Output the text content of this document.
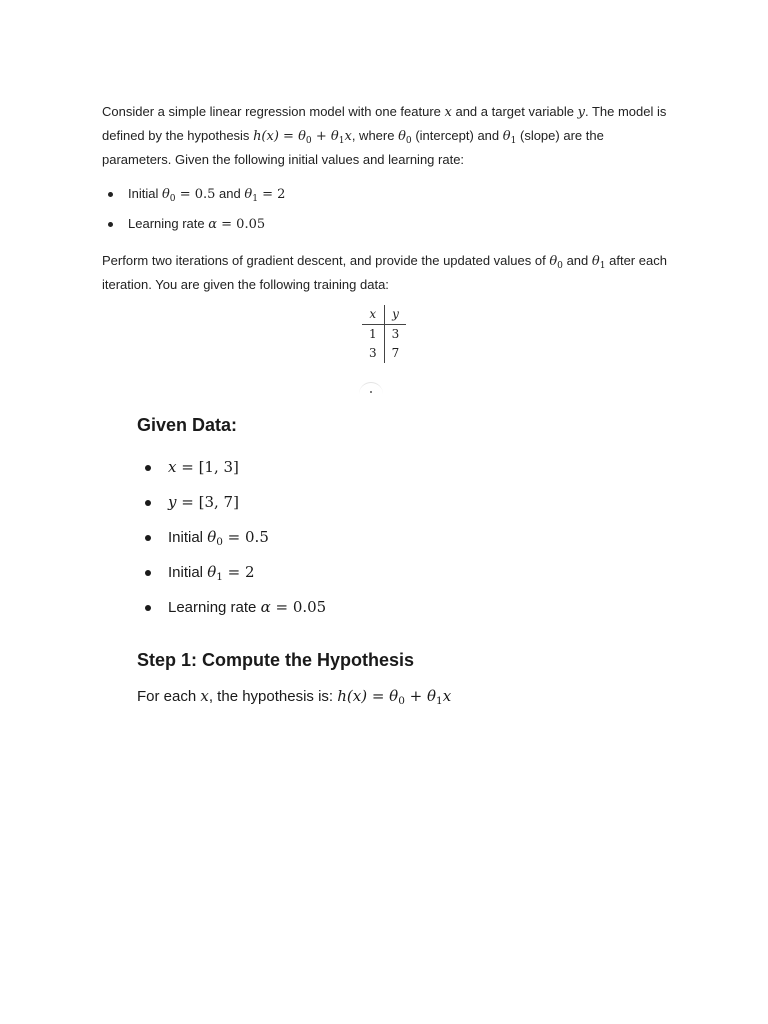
Consider a simple linear regression model with one feature x and a target variable y. The model is defined by the hypothesis $h(x) = \theta_0 + \theta_1x$, where $\theta_0$ (intercept) and $\theta_1$ (slope) are the parameters. Given the following initial values and learning rate:

Initial $\theta_0 = 0.5$ and $\theta_1 = 2$
Learning rate α = 0.05

Perform two iterations of gradient descent, and provide the updated values of $\theta_0$ and $\theta_1$ after each iteration. You are given the following training data:

x	y
1	3
3	7
Given Data:
x = [1, 3]
y = [3, 7]
Initial $\theta_0 = 0.5$
Initial $\theta_1 = 2$
Learning rate α = 0.05
Step 1: Compute the Hypothesis

For each x, the hypothesis is: $h(x) = \theta_0 + \theta_1x$
